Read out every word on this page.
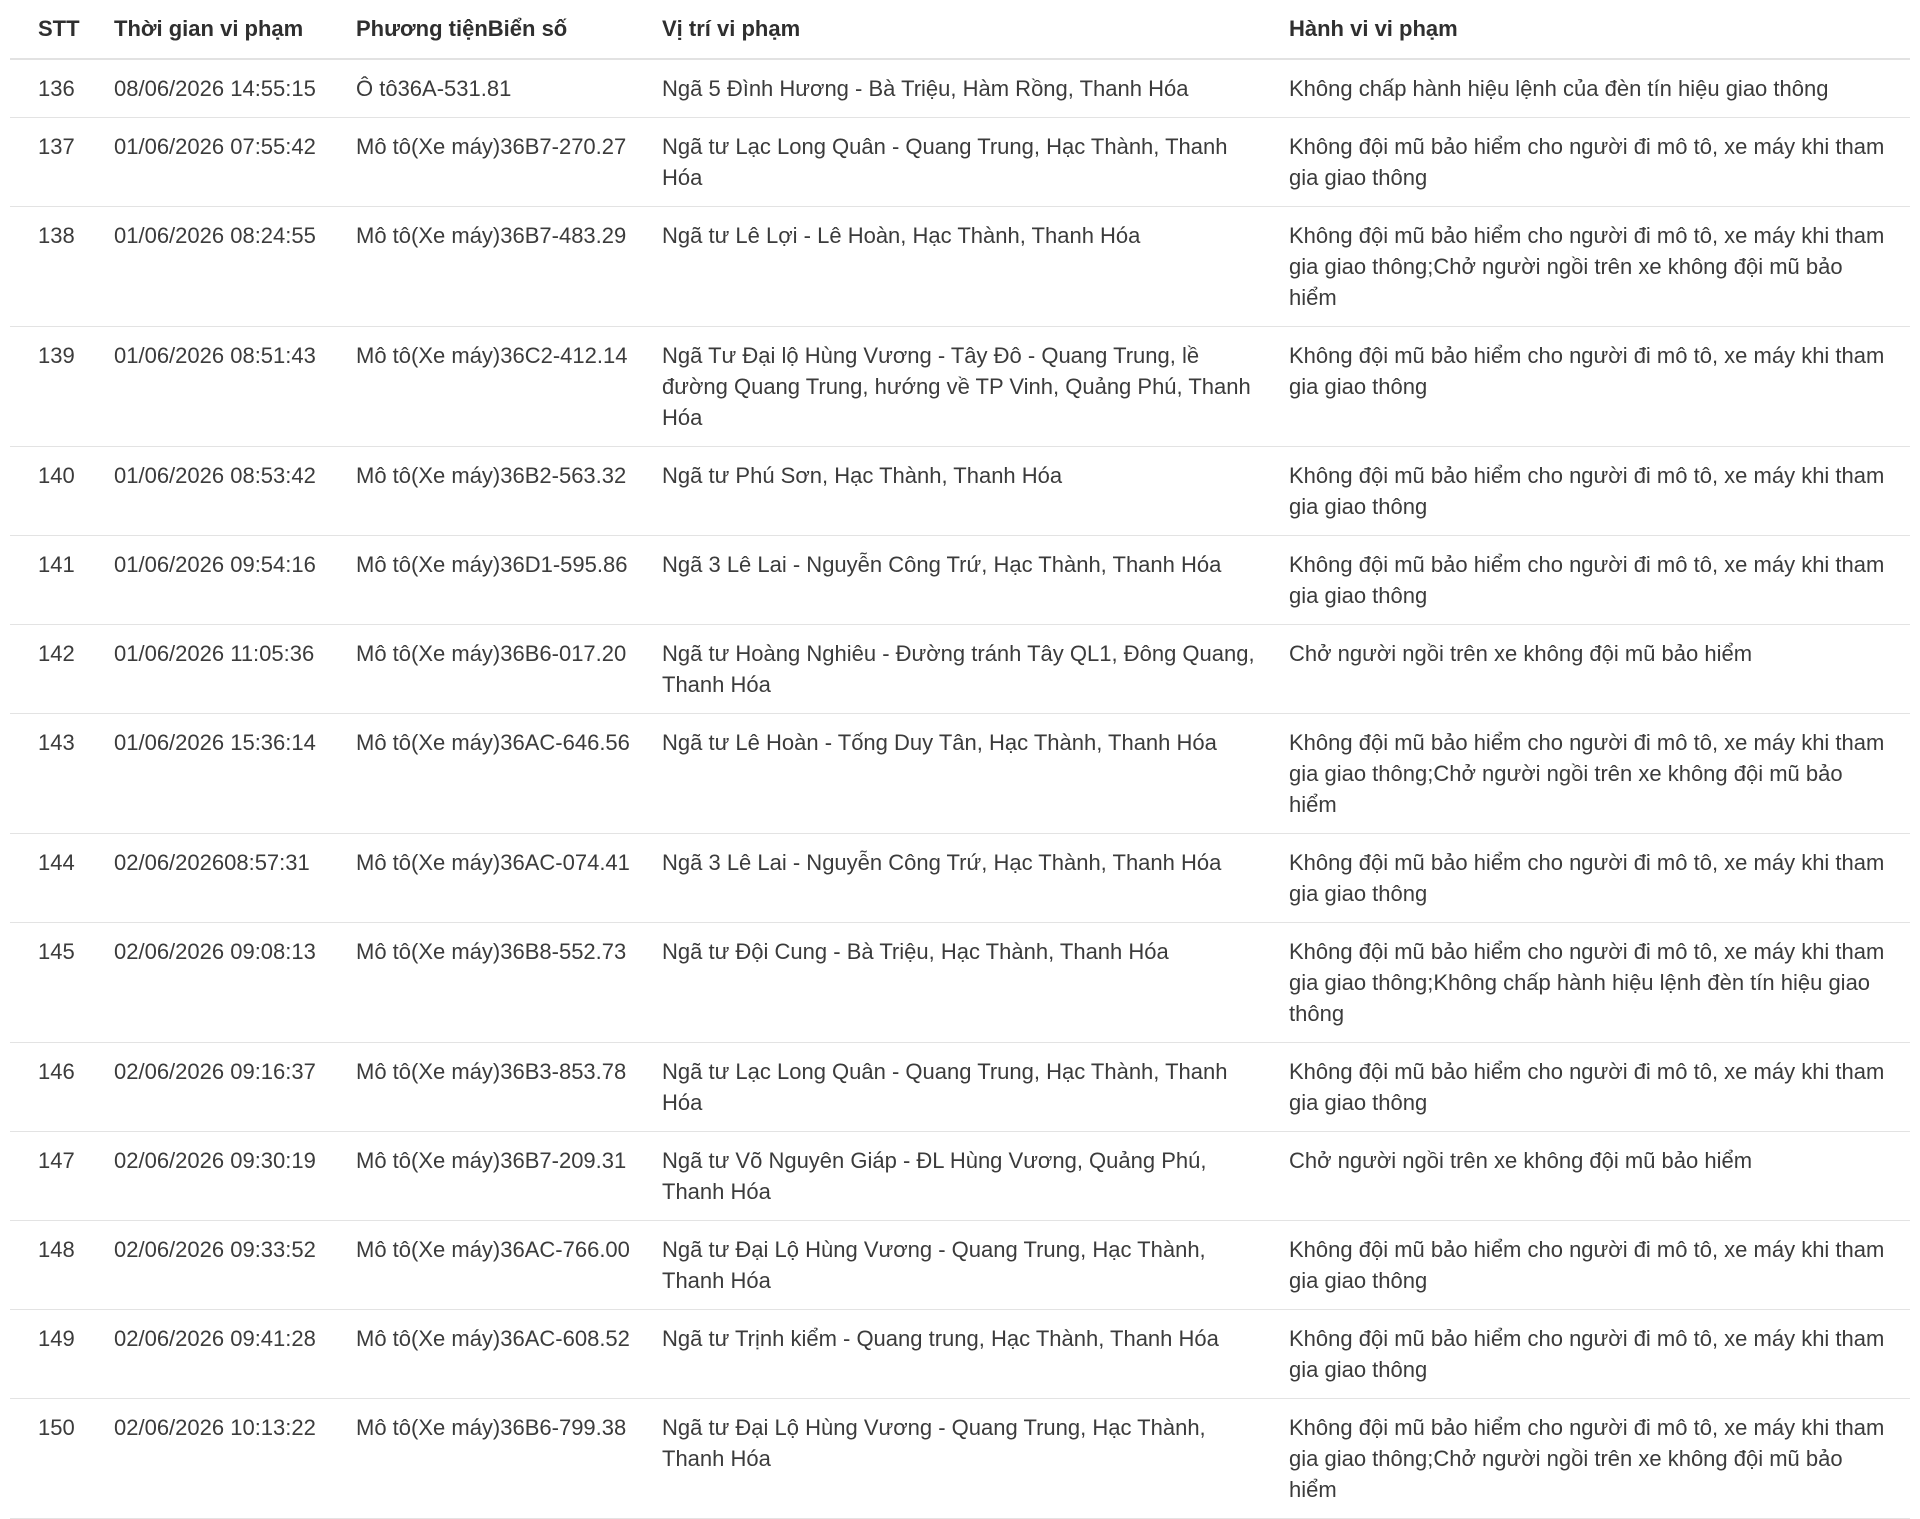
STT	Thời gian vi phạm	Phương tiệnBiển số	Vị trí vi phạm	Hành vi vi phạm
136	08/06/2026 14:55:15	Ô tô36A-531.81	Ngã 5 Đình Hương - Bà Triệu, Hàm Rồng, Thanh Hóa	Không chấp hành hiệu lệnh của đèn tín hiệu giao thông
137	01/06/2026 07:55:42	Mô tô(Xe máy)36B7-270.27	Ngã tư Lạc Long Quân - Quang Trung, Hạc Thành, Thanh Hóa	Không đội mũ bảo hiểm cho người đi mô tô, xe máy khi tham gia giao thông
138	01/06/2026 08:24:55	Mô tô(Xe máy)36B7-483.29	Ngã tư Lê Lợi - Lê Hoàn, Hạc Thành, Thanh Hóa	Không đội mũ bảo hiểm cho người đi mô tô, xe máy khi tham gia giao thông;Chở người ngồi trên xe không đội mũ bảo hiểm
139	01/06/2026 08:51:43	Mô tô(Xe máy)36C2-412.14	Ngã Tư Đại lộ Hùng Vương - Tây Đô - Quang Trung, lề đường Quang Trung, hướng về TP Vinh, Quảng Phú, Thanh Hóa	Không đội mũ bảo hiểm cho người đi mô tô, xe máy khi tham gia giao thông
140	01/06/2026 08:53:42	Mô tô(Xe máy)36B2-563.32	Ngã tư Phú Sơn, Hạc Thành, Thanh Hóa	Không đội mũ bảo hiểm cho người đi mô tô, xe máy khi tham gia giao thông
141	01/06/2026 09:54:16	Mô tô(Xe máy)36D1-595.86	Ngã 3 Lê Lai - Nguyễn Công Trứ, Hạc Thành, Thanh Hóa	Không đội mũ bảo hiểm cho người đi mô tô, xe máy khi tham gia giao thông
142	01/06/2026 11:05:36	Mô tô(Xe máy)36B6-017.20	Ngã tư Hoàng Nghiêu - Đường tránh Tây QL1, Đông Quang, Thanh Hóa	Chở người ngồi trên xe không đội mũ bảo hiểm
143	01/06/2026 15:36:14	Mô tô(Xe máy)36AC-646.56	Ngã tư Lê Hoàn - Tống Duy Tân, Hạc Thành, Thanh Hóa	Không đội mũ bảo hiểm cho người đi mô tô, xe máy khi tham gia giao thông;Chở người ngồi trên xe không đội mũ bảo hiểm
144	02/06/202608:57:31	Mô tô(Xe máy)36AC-074.41	Ngã 3 Lê Lai - Nguyễn Công Trứ, Hạc Thành, Thanh Hóa	Không đội mũ bảo hiểm cho người đi mô tô, xe máy khi tham gia giao thông
145	02/06/2026 09:08:13	Mô tô(Xe máy)36B8-552.73	Ngã tư Đội Cung - Bà Triệu, Hạc Thành, Thanh Hóa	Không đội mũ bảo hiểm cho người đi mô tô, xe máy khi tham gia giao thông;Không chấp hành hiệu lệnh đèn tín hiệu giao thông
146	02/06/2026 09:16:37	Mô tô(Xe máy)36B3-853.78	Ngã tư Lạc Long Quân - Quang Trung, Hạc Thành, Thanh Hóa	Không đội mũ bảo hiểm cho người đi mô tô, xe máy khi tham gia giao thông
147	02/06/2026 09:30:19	Mô tô(Xe máy)36B7-209.31	Ngã tư Võ Nguyên Giáp - ĐL Hùng Vương, Quảng Phú, Thanh Hóa	Chở người ngồi trên xe không đội mũ bảo hiểm
148	02/06/2026 09:33:52	Mô tô(Xe máy)36AC-766.00	Ngã tư Đại Lộ Hùng Vương - Quang Trung, Hạc Thành, Thanh Hóa	Không đội mũ bảo hiểm cho người đi mô tô, xe máy khi tham gia giao thông
149	02/06/2026 09:41:28	Mô tô(Xe máy)36AC-608.52	Ngã tư Trịnh kiểm - Quang trung, Hạc Thành, Thanh Hóa	Không đội mũ bảo hiểm cho người đi mô tô, xe máy khi tham gia giao thông
150	02/06/2026 10:13:22	Mô tô(Xe máy)36B6-799.38	Ngã tư Đại Lộ Hùng Vương - Quang Trung, Hạc Thành, Thanh Hóa	Không đội mũ bảo hiểm cho người đi mô tô, xe máy khi tham gia giao thông;Chở người ngồi trên xe không đội mũ bảo hiểm
